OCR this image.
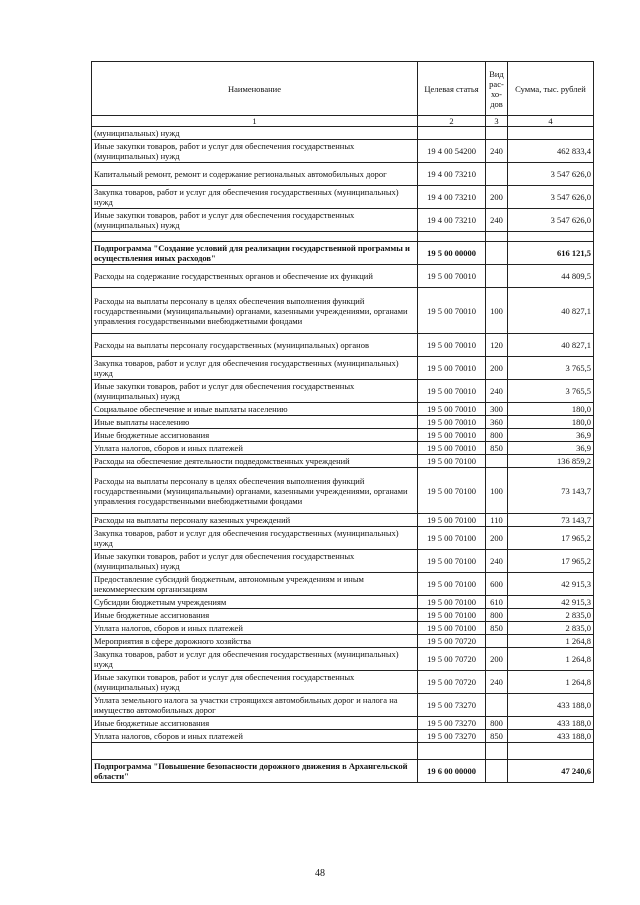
Наименование	Целевая статья	Вид рас-хо-дов	Сумма, тыс. рублей
1	2	3	4
(муниципальных) нужд			
Иные закупки товаров, работ и услуг для обеспечения государственных (муниципальных) нужд	19 4 00 54200	240	462 833,4
Капитальный ремонт, ремонт и содержание региональных автомобильных дорог	19 4 00 73210		3 547 626,0
Закупка товаров, работ и услуг для обеспечения государственных (муниципальных) нужд	19 4 00 73210	200	3 547 626,0
Иные закупки товаров, работ и услуг для обеспечения государственных (муниципальных) нужд	19 4 00 73210	240	3 547 626,0

Подпрограмма "Создание условий для реализации государственной программы и осуществления иных расходов"	19 5 00 00000		616 121,5
Расходы на содержание государственных органов и обеспечение их функций	19 5 00 70010		44 809,5
Расходы на выплаты персоналу в целях обеспечения выполнения функций государственными (муниципальными) органами, казенными учреждениями, органами управления государственными внебюджетными фондами	19 5 00 70010	100	40 827,1
Расходы на выплаты персоналу государственных (муниципальных) органов	19 5 00 70010	120	40 827,1
Закупка товаров, работ и услуг для обеспечения государственных (муниципальных) нужд	19 5 00 70010	200	3 765,5
Иные закупки товаров, работ и услуг для обеспечения государственных (муниципальных) нужд	19 5 00 70010	240	3 765,5
Социальное обеспечение и иные выплаты населению	19 5 00 70010	300	180,0
Иные выплаты населению	19 5 00 70010	360	180,0
Иные бюджетные ассигнования	19 5 00 70010	800	36,9
Уплата налогов, сборов и иных платежей	19 5 00 70010	850	36,9
Расходы на обеспечение деятельности подведомственных учреждений	19 5 00 70100		136 859,2
Расходы на выплаты персоналу в целях обеспечения выполнения функций государственными (муниципальными) органами, казенными учреждениями, органами управления государственными внебюджетными фондами	19 5 00 70100	100	73 143,7
Расходы на выплаты персоналу казенных учреждений	19 5 00 70100	110	73 143,7
Закупка товаров, работ и услуг для обеспечения государственных (муниципальных) нужд	19 5 00 70100	200	17 965,2
Иные закупки товаров, работ и услуг для обеспечения государственных (муниципальных) нужд	19 5 00 70100	240	17 965,2
Предоставление субсидий бюджетным, автономным учреждениям и иным некоммерческим организациям	19 5 00 70100	600	42 915,3
Субсидии бюджетным учреждениям	19 5 00 70100	610	42 915,3
Иные бюджетные ассигнования	19 5 00 70100	800	2 835,0
Уплата налогов, сборов и иных платежей	19 5 00 70100	850	2 835,0
Мероприятия в сфере дорожного хозяйства	19 5 00 70720		1 264,8
Закупка товаров, работ и услуг для обеспечения государственных (муниципальных) нужд	19 5 00 70720	200	1 264,8
Иные закупки товаров, работ и услуг для обеспечения государственных (муниципальных) нужд	19 5 00 70720	240	1 264,8
Уплата земельного налога за участки строящихся автомобильных дорог и налога на имущество автомобильных дорог	19 5 00 73270		433 188,0
Иные бюджетные ассигнования	19 5 00 73270	800	433 188,0
Уплата налогов, сборов и иных платежей	19 5 00 73270	850	433 188,0

Подпрограмма "Повышение безопасности дорожного движения в Архангельской области"	19 6 00 00000		47 240,6
48
